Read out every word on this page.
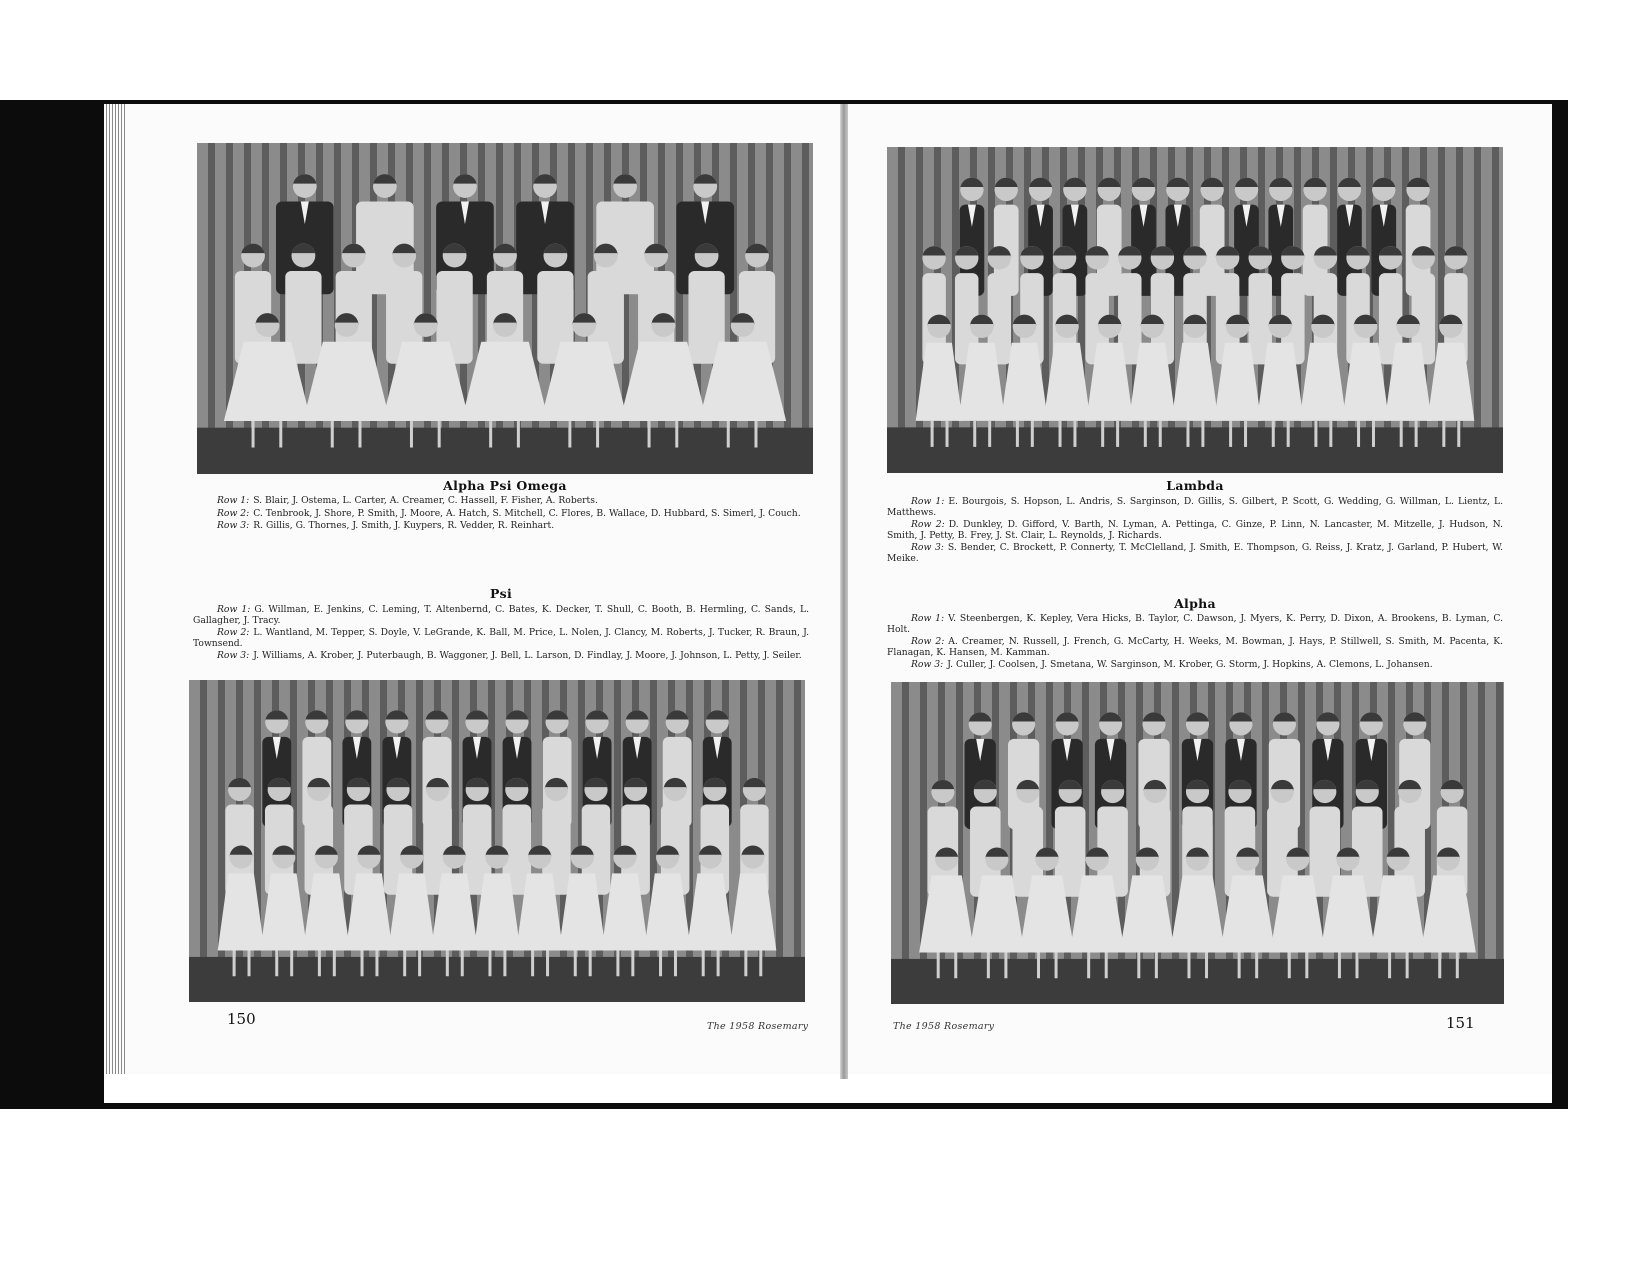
Alpha Psi Omega

Row 1: S. Blair, J. Ostema, L. Carter, A. Creamer, C. Hassell, F. Fisher, A. Roberts.

Row 2: C. Tenbrook, J. Shore, P. Smith, J. Moore, A. Hatch, S. Mitchell, C. Flores, B. Wallace, D. Hubbard, S. Simerl, J. Couch.

Row 3: R. Gillis, G. Thornes, J. Smith, J. Kuypers, R. Vedder, R. Reinhart.

Psi

Row 1: G. Willman, E. Jenkins, C. Leming, T. Altenbernd, C. Bates, K. Decker, T. Shull, C. Booth, B. Hermling, C. Sands, L. Gallagher, J. Tracy.

Row 2: L. Wantland, M. Tepper, S. Doyle, V. LeGrande, K. Ball, M. Price, L. Nolen, J. Clancy, M. Roberts, J. Tucker, R. Braun, J. Townsend.

Row 3: J. Williams, A. Krober, J. Puterbaugh, B. Waggoner, J. Bell, L. Larson, D. Findlay, J. Moore, J. Johnson, L. Petty, J. Seiler.

150	The 1958 Rosemary
Lambda

Row 1: E. Bourgois, S. Hopson, L. Andris, S. Sarginson, D. Gillis, S. Gilbert, P. Scott, G. Wedding, G. Willman, L. Lientz, L. Matthews.

Row 2: D. Dunkley, D. Gifford, V. Barth, N. Lyman, A. Pettinga, C. Ginze, P. Linn, N. Lancaster, M. Mitzelle, J. Hudson, N. Smith, J. Petty, B. Frey, J. St. Clair, L. Reynolds, J. Richards.

Row 3: S. Bender, C. Brockett, P. Connerty, T. McClelland, J. Smith, E. Thompson, G. Reiss, J. Kratz, J. Garland, P. Hubert, W. Meike.

Alpha

Row 1: V. Steenbergen, K. Kepley, Vera Hicks, B. Taylor, C. Dawson, J. Myers, K. Perry, D. Dixon, A. Brookens, B. Lyman, C. Holt.

Row 2: A. Creamer, N. Russell, J. French, G. McCarty, H. Weeks, M. Bowman, J. Hays, P. Stillwell, S. Smith, M. Pacenta, K. Flanagan, K. Hansen, M. Kamman.

Row 3: J. Culler, J. Coolsen, J. Smetana, W. Sarginson, M. Krober, G. Storm, J. Hopkins, A. Clemons, L. Johansen.

The 1958 Rosemary	151
